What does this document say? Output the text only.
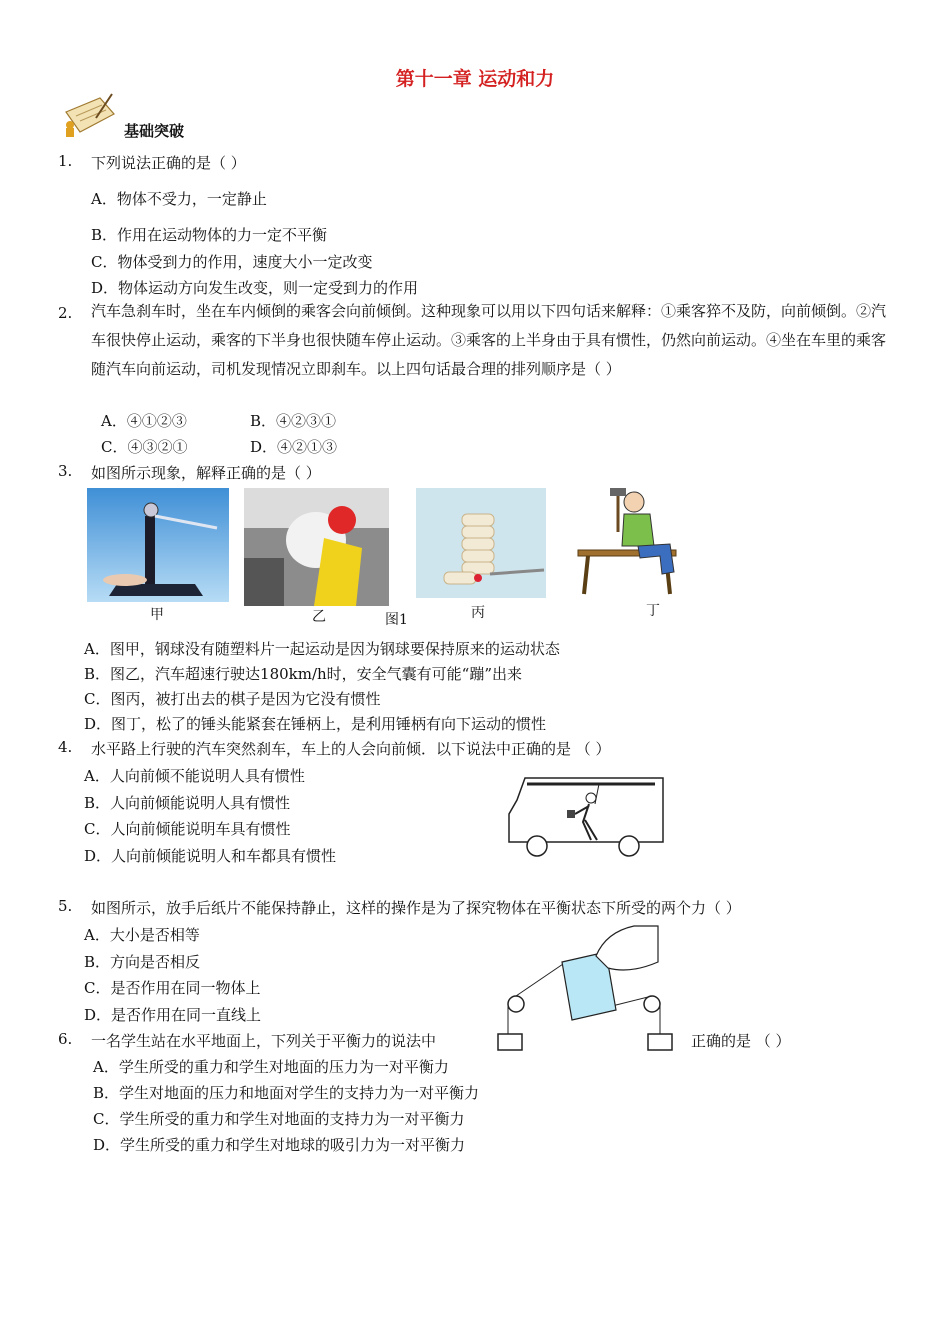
第十一章 运动和力
基础突破
1. 下列说法正确的是（ ）
A．物体不受力，一定静止
B．作用在运动物体的力一定不平衡
C．物体受到力的作用，速度大小一定改变
D．物体运动方向发生改变，则一定受到力的作用
2. 汽车急刹车时，坐在车内倾倒的乘客会向前倾倒。这种现象可以用以下四句话来解释：①乘客猝不及防，向前倾倒。②汽车很快停止运动，乘客的下半身也很快随车停止运动。③乘客的上半身由于具有惯性，仍然向前运动。④坐在车里的乘客随汽车向前运动，司机发现情况立即刹车。以上四句话最合理的排列顺序是（ ）
A．④①②③	B．④②③①
C．④③②①	D．④②①③
3. 如图所示现象，解释正确的是（ ）
甲	乙	图1	丙	丁
A．图甲，钢球没有随塑料片一起运动是因为钢球要保持原来的运动状态
B．图乙，汽车超速行驶达180km/h时，安全气囊有可能“蹦”出来
C．图丙，被打出去的棋子是因为它没有惯性
D．图丁，松了的锤头能紧套在锤柄上，是利用锤柄有向下运动的惯性
4. 水平路上行驶的汽车突然刹车，车上的人会向前倾．以下说法中正确的是 （ ）
A．人向前倾不能说明人具有惯性
B．人向前倾能说明人具有惯性
C．人向前倾能说明车具有惯性
D．人向前倾能说明人和车都具有惯性
5. 如图所示，放手后纸片不能保持静止，这样的操作是为了探究物体在平衡状态下所受的两个力（ ）
A．大小是否相等
B．方向是否相反
C．是否作用在同一物体上
D．是否作用在同一直线上
6. 一名学生站在水平地面上，下列关于平衡力的说法中	正确的是 （ ）
A．学生所受的重力和学生对地面的压力为一对平衡力
B．学生对地面的压力和地面对学生的支持力为一对平衡力
C．学生所受的重力和学生对地面的支持力为一对平衡力
D．学生所受的重力和学生对地球的吸引力为一对平衡力
